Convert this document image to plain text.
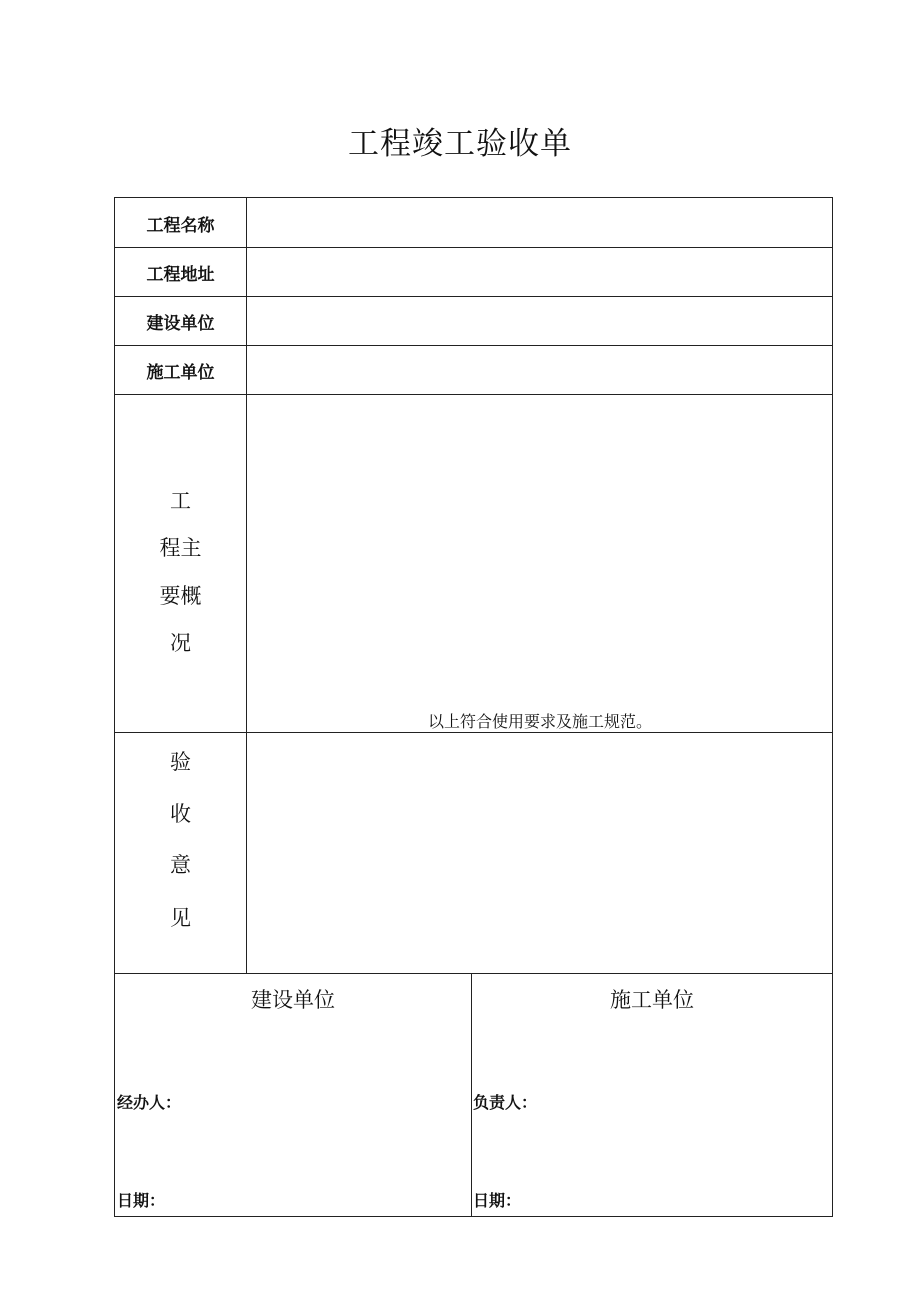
工程竣工验收单
工程名称
工程地址
建设单位
施工单位
工
程主
要概
况
以上符合使用要求及施工规范。
验
收
意
见
建设单位
经办人：
日期：
施工单位
负责人：
日期：
